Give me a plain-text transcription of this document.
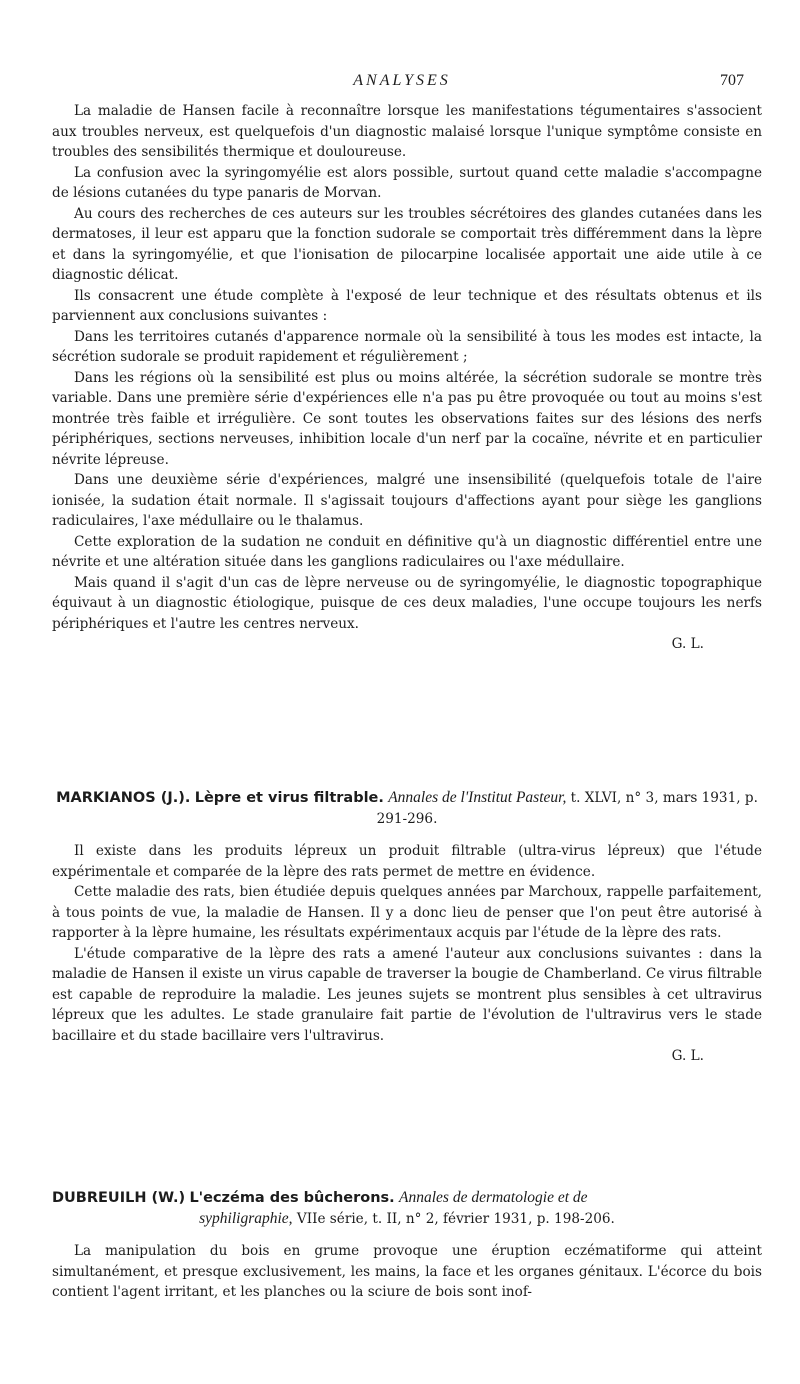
ANALYSES	707

La maladie de Hansen facile à reconnaître lorsque les manifestations tégumentaires s'associent aux troubles nerveux, est quelquefois d'un diagnostic malaisé lorsque l'unique symptôme consiste en troubles des sensibilités thermique et douloureuse.

La confusion avec la syringomyélie est alors possible, surtout quand cette maladie s'accompagne de lésions cutanées du type panaris de Morvan.

Au cours des recherches de ces auteurs sur les troubles sécrétoires des glandes cutanées dans les dermatoses, il leur est apparu que la fonction sudorale se comportait très différemment dans la lèpre et dans la syringomyélie, et que l'ionisation de pilocarpine localisée apportait une aide utile à ce diagnostic délicat.

Ils consacrent une étude complète à l'exposé de leur technique et des résultats obtenus et ils parviennent aux conclusions suivantes :

Dans les territoires cutanés d'apparence normale où la sensibilité à tous les modes est intacte, la sécrétion sudorale se produit rapidement et régulièrement ;

Dans les régions où la sensibilité est plus ou moins altérée, la sécrétion sudorale se montre très variable. Dans une première série d'expériences elle n'a pas pu être provoquée ou tout au moins s'est montrée très faible et irrégulière. Ce sont toutes les observations faites sur des lésions des nerfs périphériques, sections nerveuses, inhibition locale d'un nerf par la cocaïne, névrite et en particulier névrite lépreuse.

Dans une deuxième série d'expériences, malgré une insensibilité (quelquefois totale de l'aire ionisée, la sudation était normale. Il s'agissait toujours d'affections ayant pour siège les ganglions radiculaires, l'axe médullaire ou le thalamus.

Cette exploration de la sudation ne conduit en définitive qu'à un diagnostic différentiel entre une névrite et une altération située dans les ganglions radiculaires ou l'axe médullaire.

Mais quand il s'agit d'un cas de lèpre nerveuse ou de syringomyélie, le diagnostic topographique équivaut à un diagnostic étiologique, puisque de ces deux maladies, l'une occupe toujours les nerfs périphériques et l'autre les centres nerveux.

G. L.
MARKIANOS (J.). Lèpre et virus filtrable. Annales de l'Institut Pasteur, t. XLVI, n° 3, mars 1931, p. 291-296.

Il existe dans les produits lépreux un produit filtrable (ultra-virus lépreux) que l'étude expérimentale et comparée de la lèpre des rats permet de mettre en évidence.

Cette maladie des rats, bien étudiée depuis quelques années par Marchoux, rappelle parfaitement, à tous points de vue, la maladie de Hansen. Il y a donc lieu de penser que l'on peut être autorisé à rapporter à la lèpre humaine, les résultats expérimentaux acquis par l'étude de la lèpre des rats.

L'étude comparative de la lèpre des rats a amené l'auteur aux conclusions suivantes : dans la maladie de Hansen il existe un virus capable de traverser la bougie de Chamberland. Ce virus filtrable est capable de reproduire la maladie. Les jeunes sujets se montrent plus sensibles à cet ultravirus lépreux que les adultes. Le stade granulaire fait partie de l'évolution de l'ultravirus vers le stade bacillaire et du stade bacillaire vers l'ultravirus.

G. L.
DUBREUILH (W.) L'eczéma des bûcherons. Annales de dermatologie et de
syphiligraphie, VIIe série, t. II, n° 2, février 1931, p. 198-206.

La manipulation du bois en grume provoque une éruption eczématiforme qui atteint simultanément, et presque exclusivement, les mains, la face et les organes génitaux. L'écorce du bois contient l'agent irritant, et les planches ou la sciure de bois sont inof-
